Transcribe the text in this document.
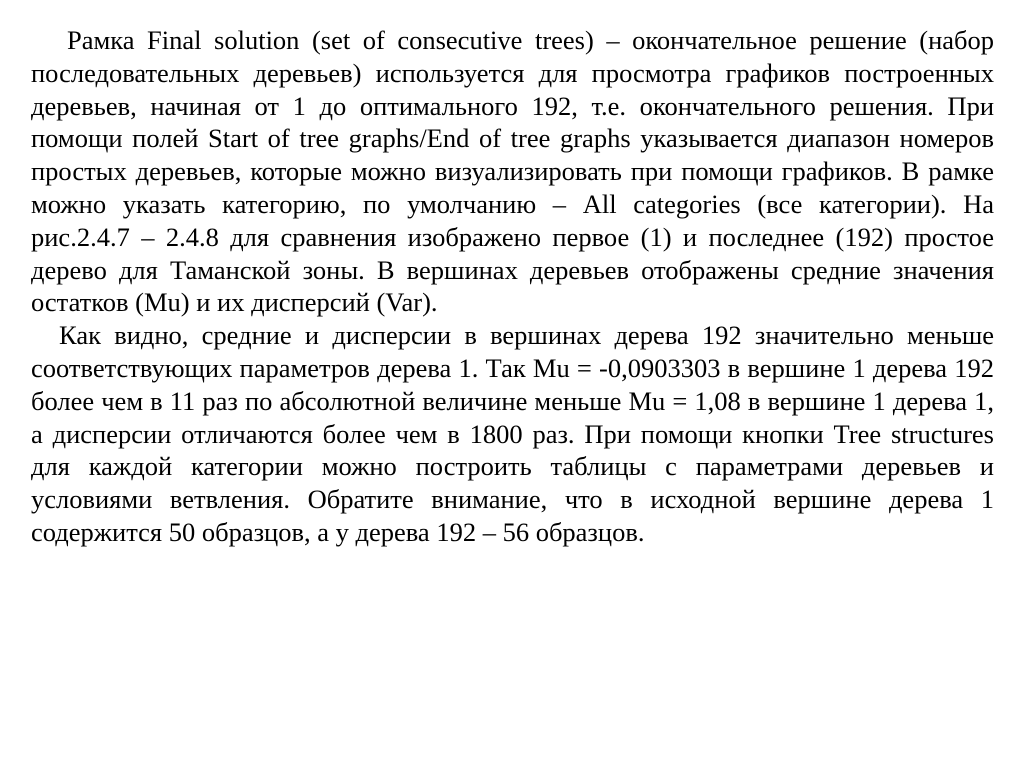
Рамка Final solution (set of consecutive trees) – окончательное решение (набор последовательных деревьев) используется для просмотра графиков построенных деревьев, начиная от 1 до оптимального 192, т.е. окончательного решения. При помощи полей Start of tree graphs/End of tree graphs указывается диапазон номеров простых деревьев, которые можно визуализировать при помощи графиков. В рамке можно указать категорию, по умолчанию – All categories (все категории). На рис.2.4.7 – 2.4.8 для сравнения изображено первое (1) и последнее (192) простое дерево для Таманской зоны. В вершинах деревьев отображены средние значения остатков (Mu) и их дисперсий (Var).

Как видно, средние и дисперсии в вершинах дерева 192 значительно меньше соответствующих параметров дерева 1. Так Mu = -0,0903303 в вершине 1 дерева 192 более чем в 11 раз по абсолютной величине меньше Mu = 1,08 в вершине 1 дерева 1, а дисперсии отличаются более чем в 1800 раз. При помощи кнопки Tree structures для каждой категории можно построить таблицы с параметрами деревьев и условиями ветвления. Обратите внимание, что в исходной вершине дерева 1 содержится 50 образцов, а у дерева 192 – 56 образцов.
